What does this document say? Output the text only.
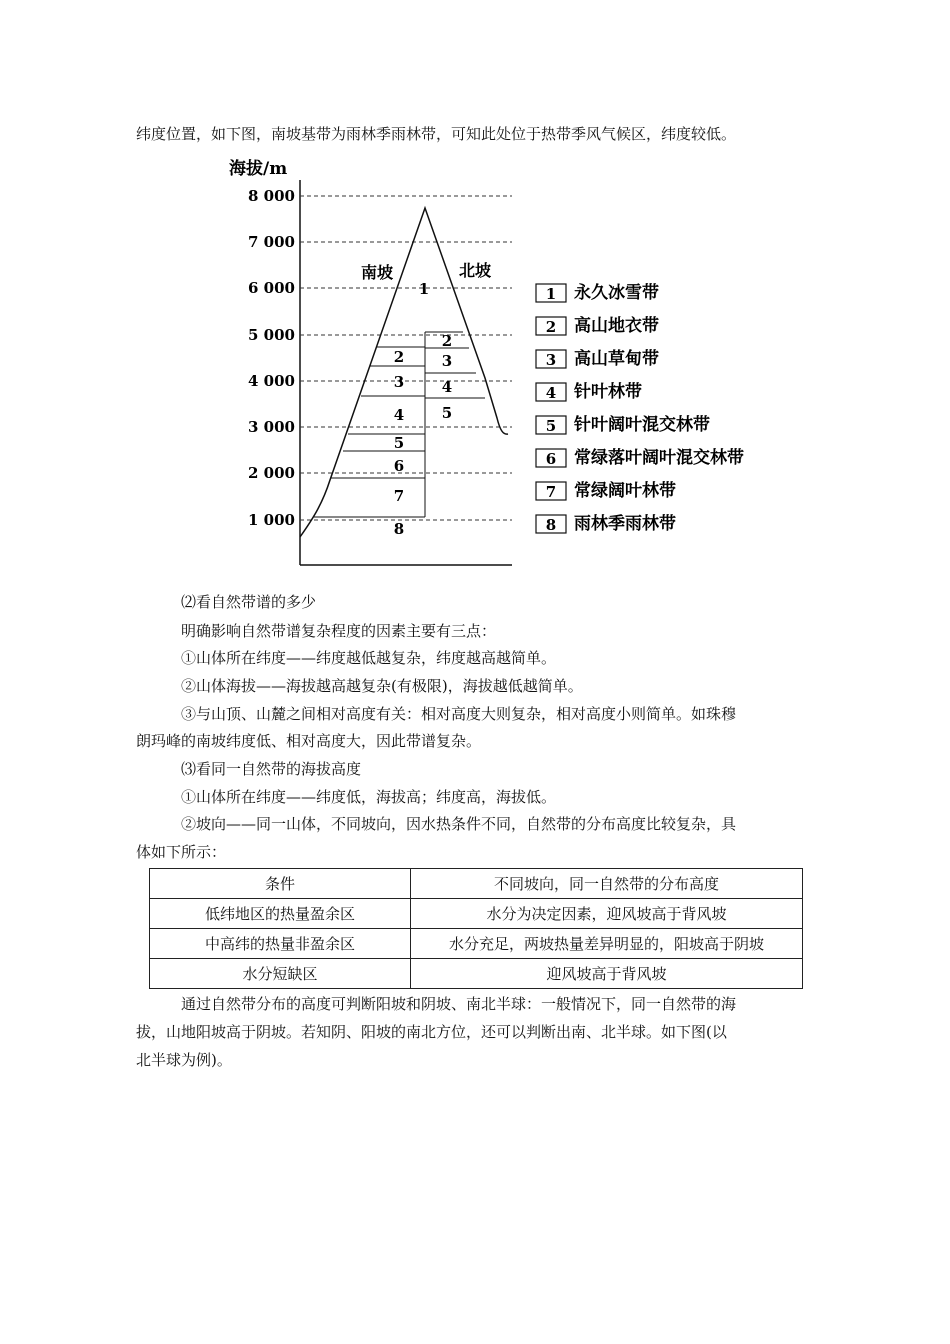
纬度位置，如下图，南坡基带为雨林季雨林带，可知此处位于热带季风气候区，纬度较低。
海拔/m
8 000
7 000
6 000
5 000
4 000
3 000
2 000
1 000
南坡	北坡
1
2
3
4
5
6
7
8
2
3
4
5
1 永久冰雪带
2 高山地衣带
3 高山草甸带
4 针叶林带
5 针叶阔叶混交林带
6 常绿落叶阔叶混交林带
7 常绿阔叶林带
8 雨林季雨林带
⑵看自然带谱的多少
明确影响自然带谱复杂程度的因素主要有三点：
①山体所在纬度——纬度越低越复杂，纬度越高越简单。
②山体海拔——海拔越高越复杂(有极限)，海拔越低越简单。
③与山顶、山麓之间相对高度有关：相对高度大则复杂，相对高度小则简单。如珠穆
朗玛峰的南坡纬度低、相对高度大，因此带谱复杂。
⑶看同一自然带的海拔高度
①山体所在纬度——纬度低，海拔高；纬度高，海拔低。
②坡向——同一山体，不同坡向，因水热条件不同，自然带的分布高度比较复杂，具
体如下所示：
条件	不同坡向，同一自然带的分布高度
低纬地区的热量盈余区	水分为决定因素，迎风坡高于背风坡
中高纬的热量非盈余区	水分充足，两坡热量差异明显的，阳坡高于阴坡
水分短缺区	迎风坡高于背风坡
通过自然带分布的高度可判断阳坡和阴坡、南北半球：一般情况下，同一自然带的海
拔，山地阳坡高于阴坡。若知阴、阳坡的南北方位，还可以判断出南、北半球。如下图(以
北半球为例)。
